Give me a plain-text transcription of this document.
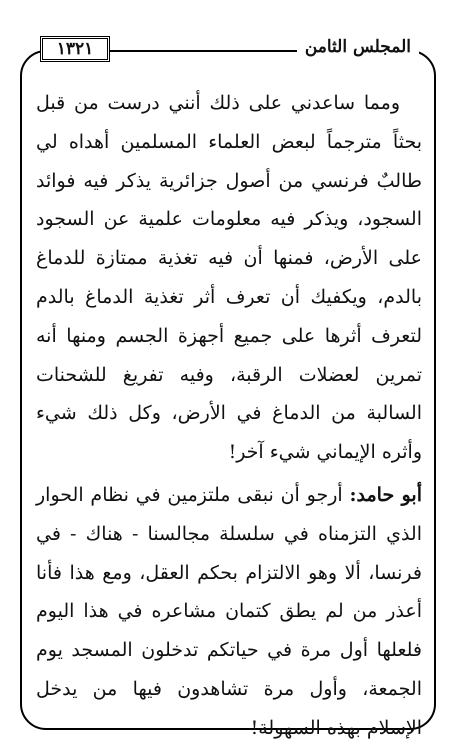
١٣٢١	المجلس الثامن

ومما ساعدني على ذلك أنني درست من قبل بحثاً مترجماً لبعض العلماء المسلمين أهداه لي طالبٌ فرنسي من أصول جزائرية يذكر فيه فوائد السجود، ويذكر فيه معلومات علمية عن السجود على الأرض، فمنها أن فيه تغذية ممتازة للدماغ بالدم، ويكفيك أن تعرف أثر تغذية الدماغ بالدم لتعرف أثرها على جميع أجهزة الجسم ومنها أنه تمرين لعضلات الرقبة، وفيه تفريغ للشحنات السالبة من الدماغ في الأرض، وكل ذلك شيء وأثره الإيماني شيء آخر!

أبو حامد: أرجو أن نبقى ملتزمين في نظام الحوار الذي التزمناه في سلسلة مجالسنا - هناك - في فرنسا، ألا وهو الالتزام بحكم العقل، ومع هذا فأنا أعذر من لم يطق كتمان مشاعره في هذا اليوم فلعلها أول مرة في حياتكم تدخلون المسجد يوم الجمعة، وأول مرة تشاهدون فيها من يدخل الإسلام بهذه السهولة!
